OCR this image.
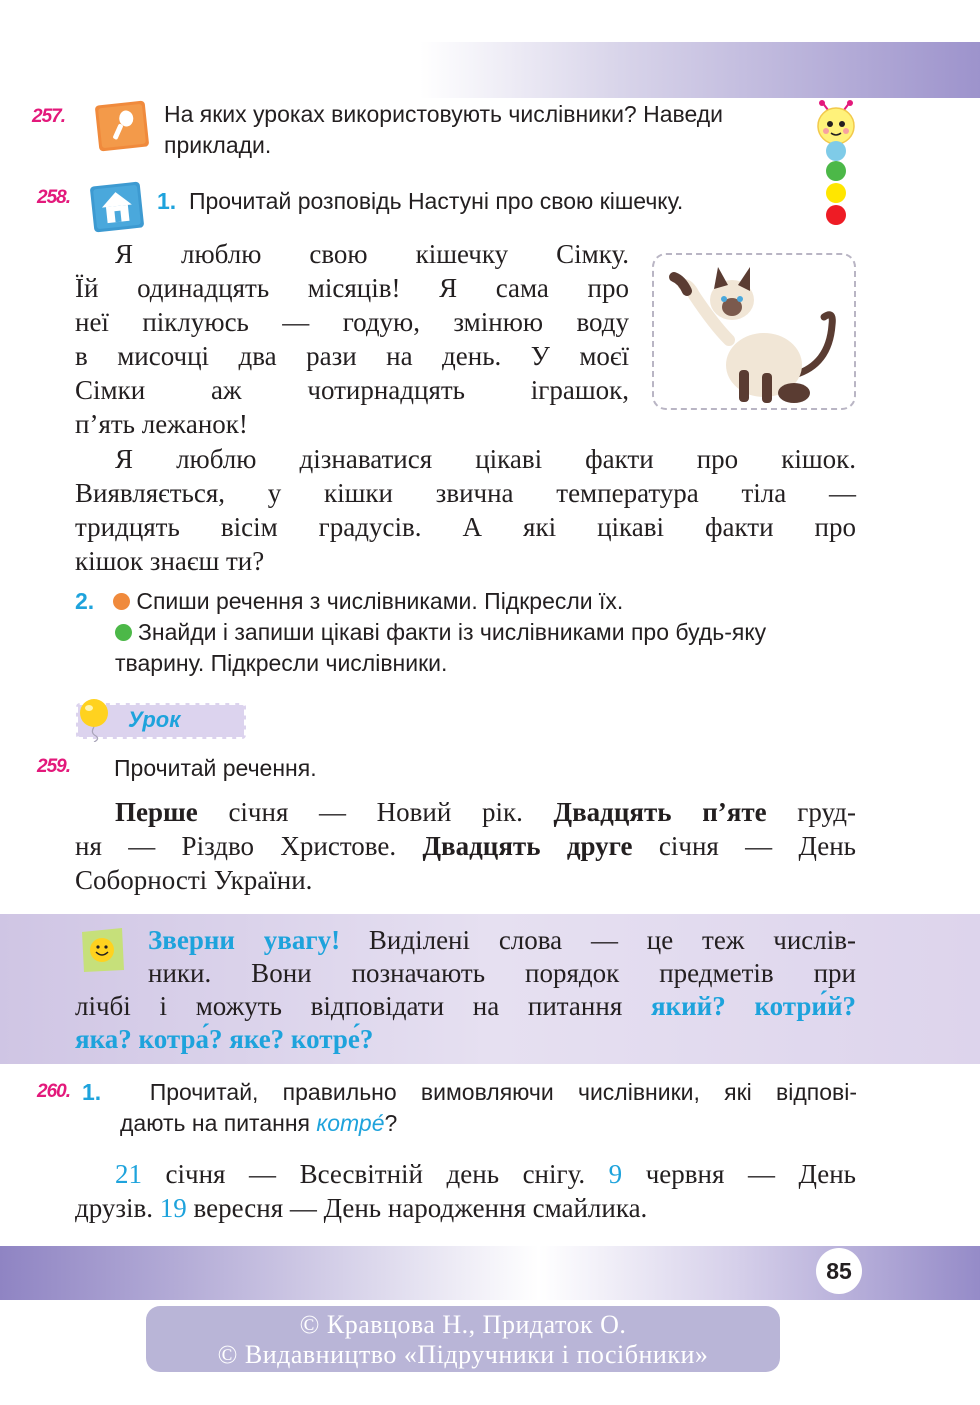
257.	На яких уроках використовують числівники? Наведи
приклади.
258.	1. Прочитай розповідь Настуні про свою кішечку.
Я люблю свою кішечку Сімку.
Їй одинадцять місяців! Я сама про
неї піклуюсь — годую, змінюю воду
в мисочці два рази на день. У моєї
Сімки аж чотирнадцять іграшок,
п’ять лежанок!
Я люблю дізнаватися цікаві факти про кішок.
Виявляється, у кішки звична температура тіла —
тридцять вісім градусів. А які цікаві факти про
кішок знаєш ти?
2. Спиши речення з числівниками. Підкресли їх.
Знайди і запиши цікаві факти із числівниками про будь-яку
тварину. Підкресли числівники.
Урок
259. Прочитай речення.
Перше січня — Новий рік. Двадцять п’яте груд-
ня — Різдво Христове. Двадцять друге січня — День
Соборності України.
Зверни увагу! Виділені слова — це теж числів-
ники. Вони позначають порядок предметів при
лічбі і можуть відповідати на питання який? котри́й?
яка? котра́? яке? котре́?
260. 1. Прочитай, правильно вимовляючи числівники, які відпові-
дають на питання котре́?
21 січня — Всесвітній день снігу. 9 червня — День
друзів. 19 вересня — День народження смайлика.
85
© Кравцова Н., Придаток О.
© Видавництво «Підручники і посібники»
